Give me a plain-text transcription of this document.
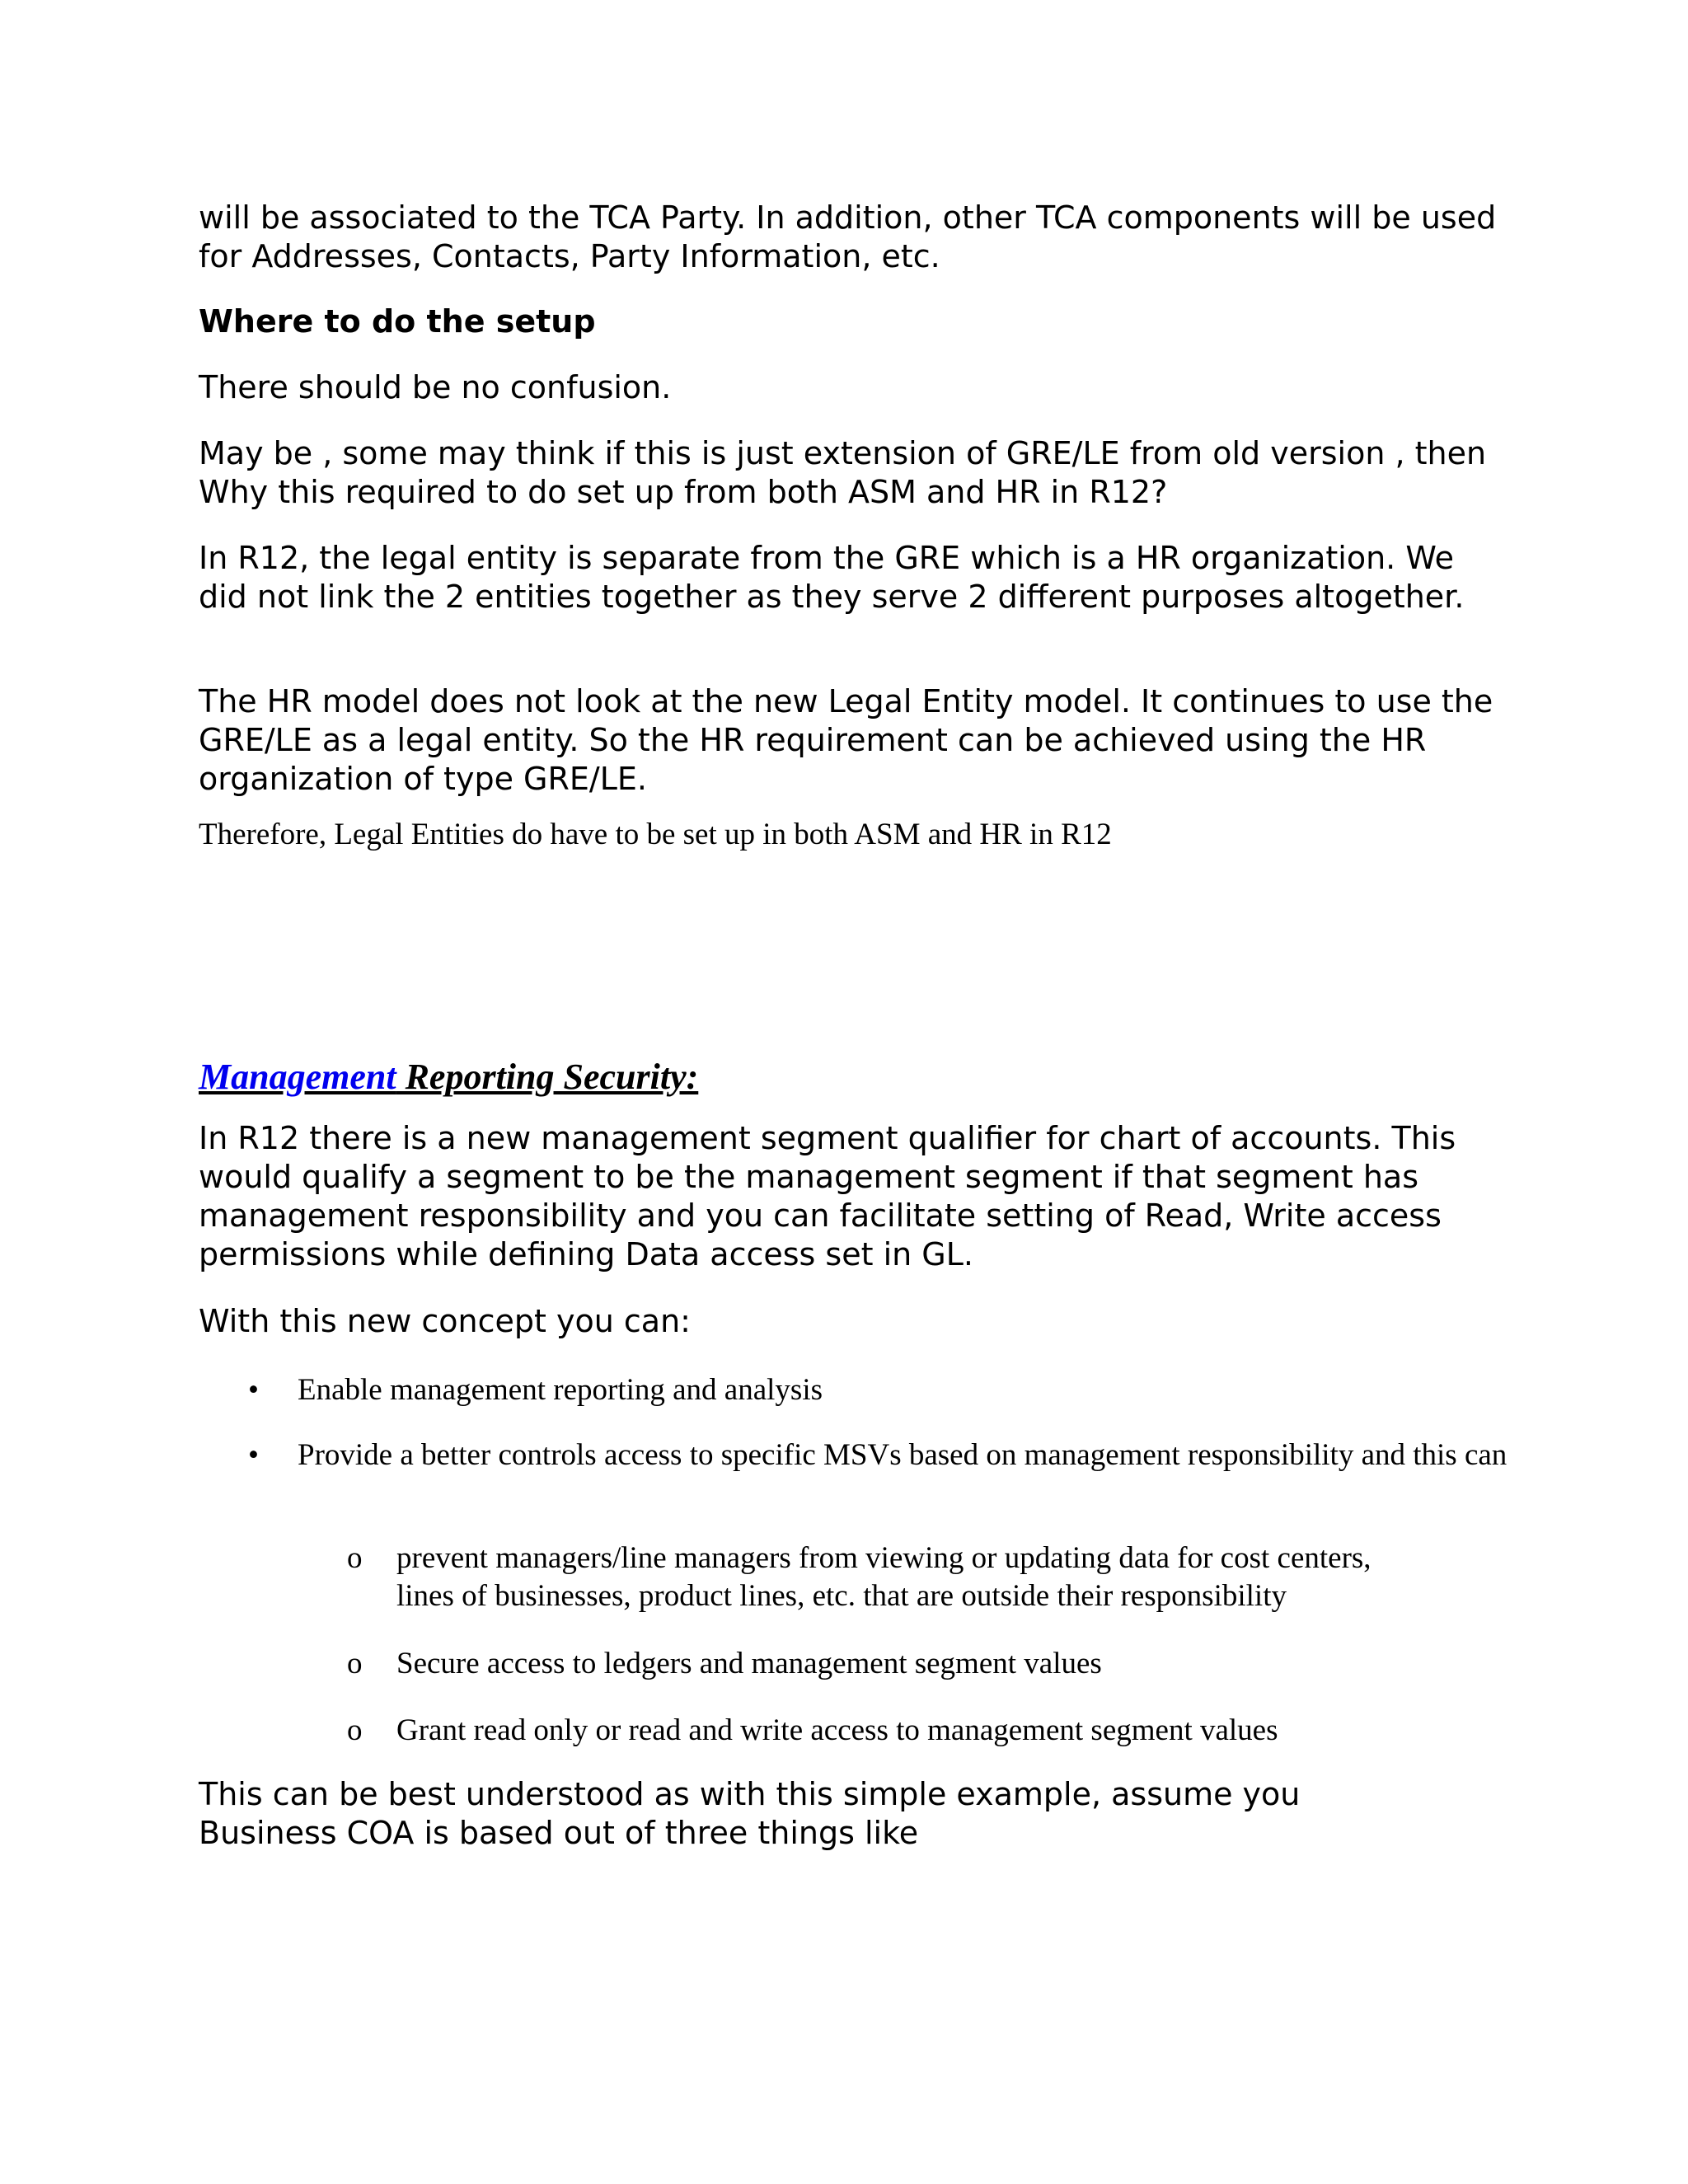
will be associated to the TCA Party. In addition, other TCA components will be used for Addresses, Contacts, Party Information, etc.

Where to do the setup

There should be no confusion.

May be , some may think if this is just extension of GRE/LE from old version , then Why this required to do set up from both ASM and HR in R12?

In R12, the legal entity is separate from the GRE which is a HR organization. We did not link the 2 entities together as they serve 2 different purposes altogether.

The HR model does not look at the new Legal Entity model. It continues to use the GRE/LE as a legal entity. So the HR requirement can be achieved using the HR organization of type GRE/LE.

Therefore, Legal Entities do have to be set up in both ASM and HR in R12

Management Reporting Security:

In R12 there is a new management segment qualifier for chart of accounts. This would qualify a segment to be the management segment if that segment has management responsibility and you can facilitate setting of Read, Write access permissions while defining Data access set in GL.

With this new concept you can:

• Enable management reporting and analysis
• Provide a better controls access to specific MSVs based on management responsibility and this can
o prevent managers/line managers from viewing or updating data for cost centers, lines of businesses, product lines, etc. that are outside their responsibility
o Secure access to ledgers and management segment values
o Grant read only or read and write access to management segment values

This can be best understood as with this simple example, assume you Business COA is based out of three things like
